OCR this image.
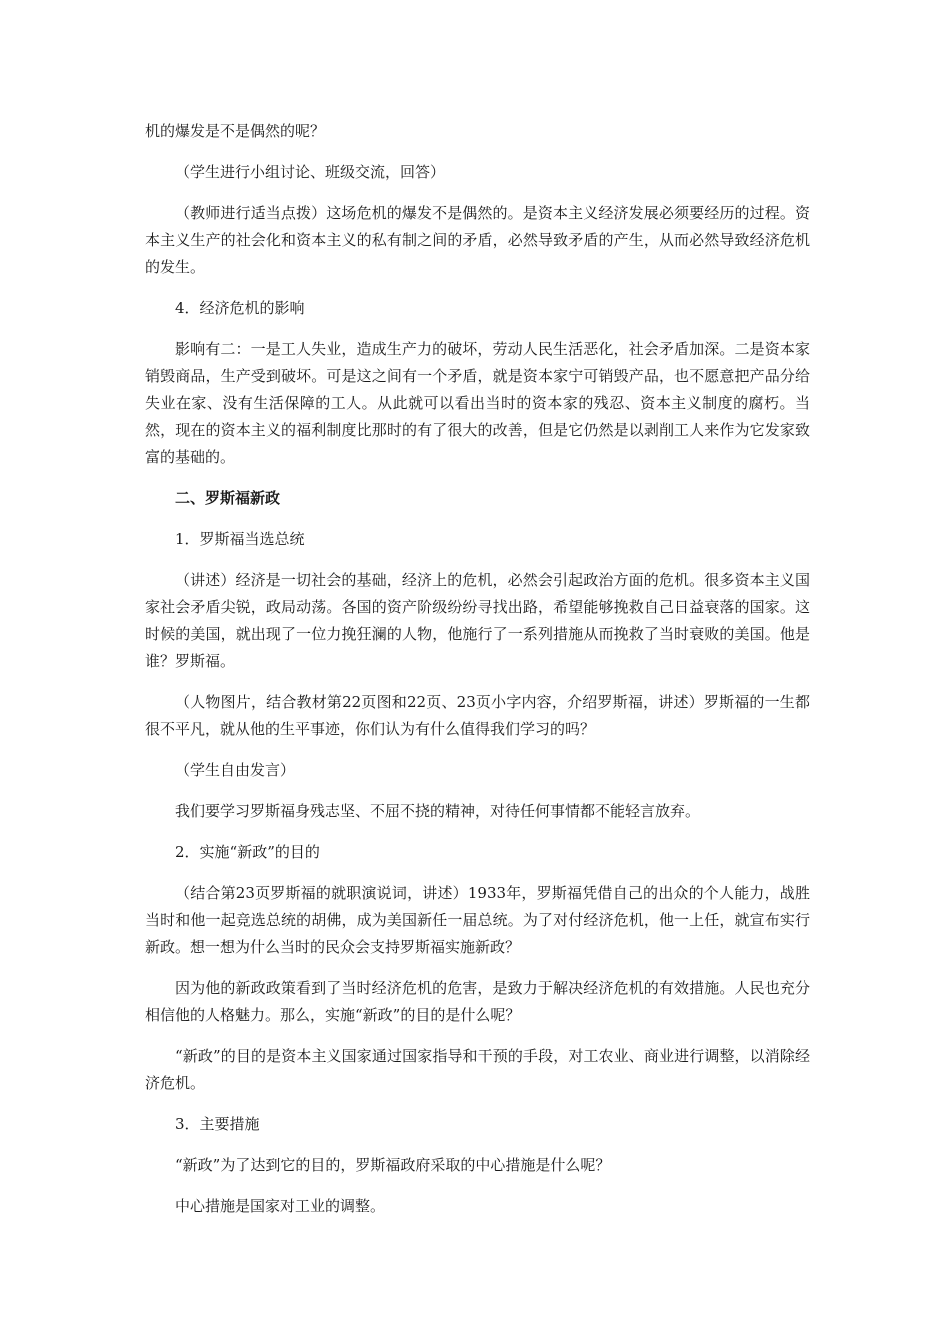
机的爆发是不是偶然的呢？

（学生进行小组讨论、班级交流，回答）

（教师进行适当点拨）这场危机的爆发不是偶然的。是资本主义经济发展必须要经历的过程。资本主义生产的社会化和资本主义的私有制之间的矛盾，必然导致矛盾的产生，从而必然导致经济危机的发生。

4．经济危机的影响

影响有二：一是工人失业，造成生产力的破坏，劳动人民生活恶化，社会矛盾加深。二是资本家销毁商品，生产受到破坏。可是这之间有一个矛盾，就是资本家宁可销毁产品，也不愿意把产品分给失业在家、没有生活保障的工人。从此就可以看出当时的资本家的残忍、资本主义制度的腐朽。当然，现在的资本主义的福利制度比那时的有了很大的改善，但是它仍然是以剥削工人来作为它发家致富的基础的。

二、罗斯福新政

1．罗斯福当选总统

（讲述）经济是一切社会的基础，经济上的危机，必然会引起政治方面的危机。很多资本主义国家社会矛盾尖锐，政局动荡。各国的资产阶级纷纷寻找出路，希望能够挽救自己日益衰落的国家。这时候的美国，就出现了一位力挽狂澜的人物，他施行了一系列措施从而挽救了当时衰败的美国。他是谁？罗斯福。

（人物图片，结合教材第22页图和22页、23页小字内容，介绍罗斯福，讲述）罗斯福的一生都很不平凡，就从他的生平事迹，你们认为有什么值得我们学习的吗？

（学生自由发言）

我们要学习罗斯福身残志坚、不屈不挠的精神，对待任何事情都不能轻言放弃。

2．实施“新政”的目的

（结合第23页罗斯福的就职演说词，讲述）1933年，罗斯福凭借自己的出众的个人能力，战胜当时和他一起竞选总统的胡佛，成为美国新任一届总统。为了对付经济危机，他一上任，就宣布实行新政。想一想为什么当时的民众会支持罗斯福实施新政？

因为他的新政政策看到了当时经济危机的危害，是致力于解决经济危机的有效措施。人民也充分相信他的人格魅力。那么，实施“新政”的目的是什么呢？

“新政”的目的是资本主义国家通过国家指导和干预的手段，对工农业、商业进行调整，以消除经济危机。

3．主要措施

“新政”为了达到它的目的，罗斯福政府采取的中心措施是什么呢？

中心措施是国家对工业的调整。
